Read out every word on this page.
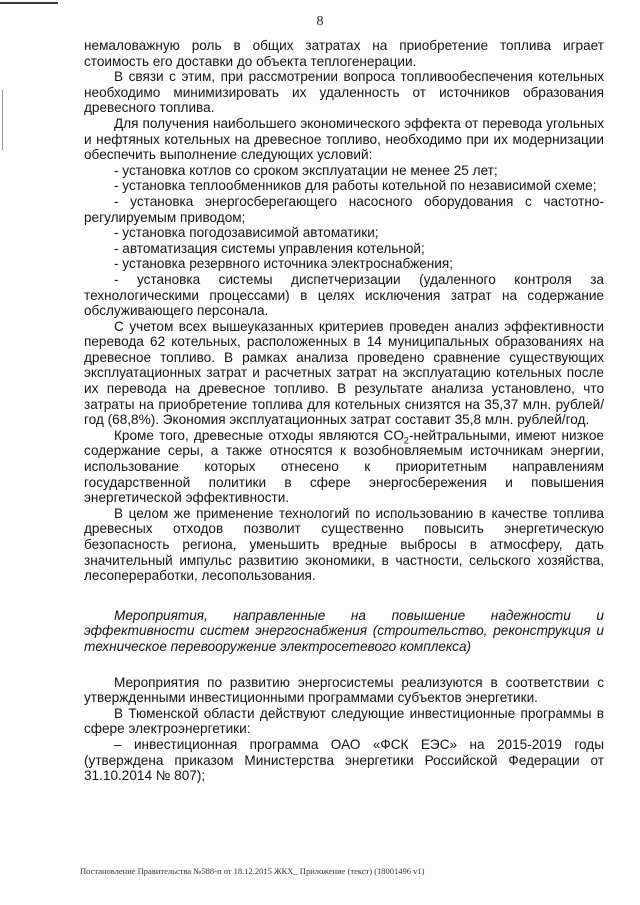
8

немаловажную роль в общих затратах на приобретение топлива играет стоимость его доставки до объекта теплогенерации.

В связи с этим, при рассмотрении вопроса топливообеспечения котельных необходимо минимизировать их удаленность от источников образования древесного топлива.

Для получения наибольшего экономического эффекта от перевода угольных и нефтяных котельных на древесное топливо, необходимо при их модернизации обеспечить выполнение следующих условий:

- установка котлов со сроком эксплуатации не менее 25 лет;

- установка теплообменников для работы котельной по независимой схеме;

- установка энергосберегающего насосного оборудования с частотно-регулируемым приводом;

- установка погодозависимой автоматики;

- автоматизация системы управления котельной;

- установка резервного источника электроснабжения;

- установка системы диспетчеризации (удаленного контроля за технологическими процессами) в целях исключения затрат на содержание обслуживающего персонала.

С учетом всех вышеуказанных критериев проведен анализ эффективности перевода 62 котельных, расположенных в 14 муниципальных образованиях на древесное топливо. В рамках анализа проведено сравнение существующих эксплуатационных затрат и расчетных затрат на эксплуатацию котельных после их перевода на древесное топливо. В результате анализа установлено, что затраты на приобретение топлива для котельных снизятся на 35,37 млн. рублей/год (68,8%). Экономия эксплуатационных затрат составит 35,8 млн. рублей/год.

Кроме того, древесные отходы являются $CO_2$-нейтральными, имеют низкое содержание серы, а также относятся к возобновляемым источникам энергии, использование которых отнесено к приоритетным направлениям государственной политики в сфере энергосбережения и повышения энергетической эффективности.

В целом же применение технологий по использованию в качестве топлива древесных отходов позволит существенно повысить энергетическую безопасность региона, уменьшить вредные выбросы в атмосферу, дать значительный импульс развитию экономики, в частности, сельского хозяйства, лесопереработки, лесопользования.

Мероприятия, направленные на повышение надежности и эффективности систем энергоснабжения (строительство, реконструкция и техническое перевооружение электросетевого комплекса)

Мероприятия по развитию энергосистемы реализуются в соответствии с утвержденными инвестиционными программами субъектов энергетики.

В Тюменской области действуют следующие инвестиционные программы в сфере электроэнергетики:

– инвестиционная программа ОАО «ФСК ЕЭС» на 2015-2019 годы (утверждена приказом Министерства энергетики Российской Федерации от 31.10.2014 № 807);

Постановление Правительства №588-п от 18.12.2015 ЖКХ_ Приложение (текст) (18001496 v1)
